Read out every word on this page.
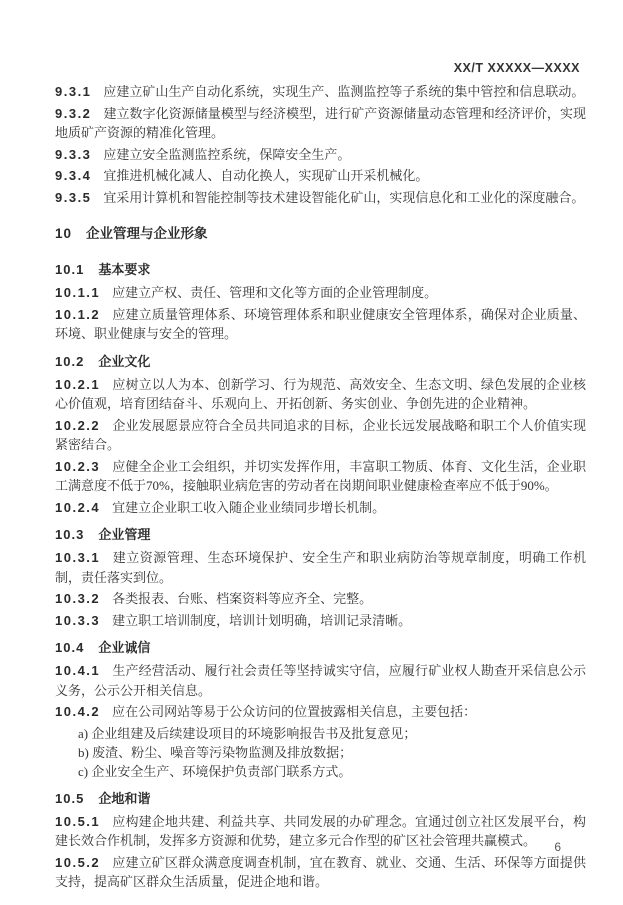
XX/T XXXXX—XXXX

9.3.1 应建立矿山生产自动化系统，实现生产、监测监控等子系统的集中管控和信息联动。

9.3.2 建立数字化资源储量模型与经济模型，进行矿产资源储量动态管理和经济评价，实现地质矿产资源的精准化管理。

9.3.3 应建立安全监测监控系统，保障安全生产。

9.3.4 宜推进机械化减人、自动化换人，实现矿山开采机械化。

9.3.5 宜采用计算机和智能控制等技术建设智能化矿山，实现信息化和工业化的深度融合。

10 企业管理与企业形象

10.1 基本要求

10.1.1 应建立产权、责任、管理和文化等方面的企业管理制度。

10.1.2 应建立质量管理体系、环境管理体系和职业健康安全管理体系，确保对企业质量、环境、职业健康与安全的管理。

10.2 企业文化

10.2.1 应树立以人为本、创新学习、行为规范、高效安全、生态文明、绿色发展的企业核心价值观，培育团结奋斗、乐观向上、开拓创新、务实创业、争创先进的企业精神。

10.2.2 企业发展愿景应符合全员共同追求的目标，企业长远发展战略和职工个人价值实现紧密结合。

10.2.3 应健全企业工会组织，并切实发挥作用，丰富职工物质、体育、文化生活，企业职工满意度不低于70%，接触职业病危害的劳动者在岗期间职业健康检查率应不低于90%。

10.2.4 宜建立企业职工收入随企业业绩同步增长机制。

10.3 企业管理

10.3.1 建立资源管理、生态环境保护、安全生产和职业病防治等规章制度，明确工作机制，责任落实到位。

10.3.2 各类报表、台账、档案资料等应齐全、完整。

10.3.3 建立职工培训制度，培训计划明确，培训记录清晰。

10.4 企业诚信

10.4.1 生产经营活动、履行社会责任等坚持诚实守信，应履行矿业权人勘查开采信息公示义务，公示公开相关信息。

10.4.2 应在公司网站等易于公众访问的位置披露相关信息，主要包括：

a) 企业组建及后续建设项目的环境影响报告书及批复意见；

b) 废渣、粉尘、噪音等污染物监测及排放数据；

c) 企业安全生产、环境保护负责部门联系方式。

10.5 企地和谐

10.5.1 应构建企地共建、利益共享、共同发展的办矿理念。宜通过创立社区发展平台，构建长效合作机制，发挥多方资源和优势，建立多元合作型的矿区社会管理共赢模式。

10.5.2 应建立矿区群众满意度调查机制，宜在教育、就业、交通、生活、环保等方面提供支持，提高矿区群众生活质量，促进企地和谐。

6
